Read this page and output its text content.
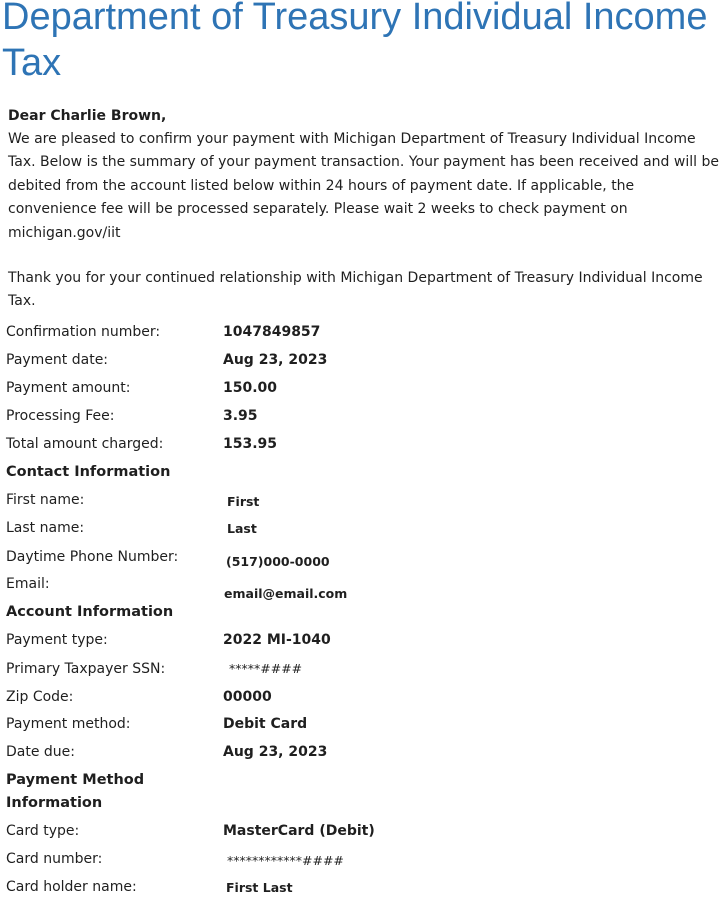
Department of Treasury Individual Income Tax

Dear Charlie Brown,

We are pleased to confirm your payment with Michigan Department of Treasury Individual Income Tax. Below is the summary of your payment transaction. Your payment has been received and will be debited from the account listed below within 24 hours of payment date. If applicable, the convenience fee will be processed separately. Please wait 2 weeks to check payment on michigan.gov/iit

Thank you for your continued relationship with Michigan Department of Treasury Individual Income Tax.

Confirmation number:	1047849857
Payment date:	Aug 23, 2023
Payment amount:	150.00
Processing Fee:	3.95
Total amount charged:	153.95
Contact Information
First name:	First
Last name:	Last
Daytime Phone Number:	(517)000-0000
Email:
email@email.com
Account Information
Payment type:	2022 MI-1040
Primary Taxpayer SSN:	*****####
Zip Code:	00000
Payment method:	Debit Card
Date due:	Aug 23, 2023
Payment Method Information
Card type:	MasterCard (Debit)
Card number:	************####
Card holder name:	First Last
